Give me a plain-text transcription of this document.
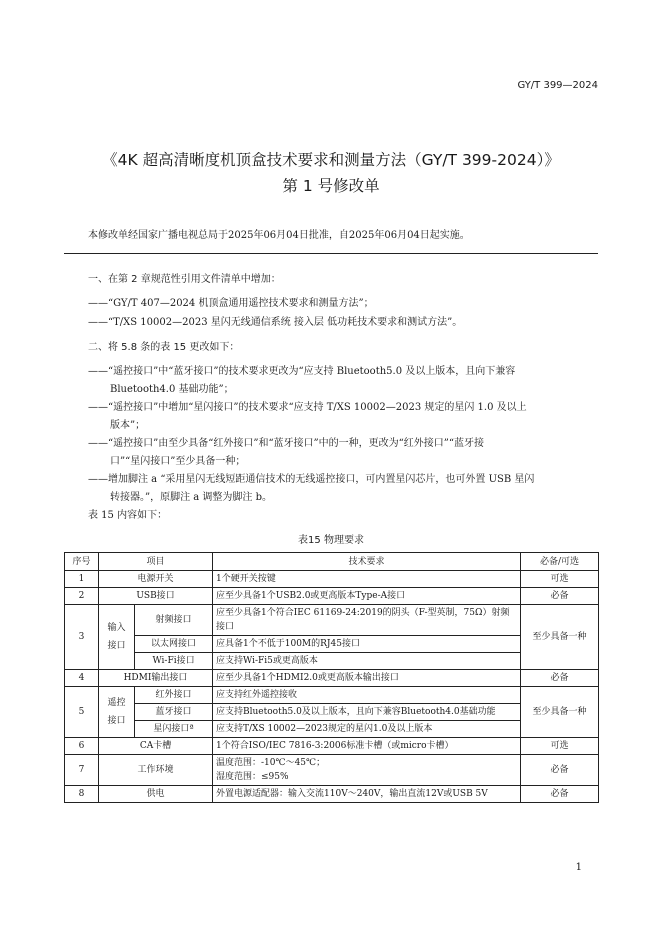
GY/T 399—2024
《4K 超高清晰度机顶盒技术要求和测量方法（GY/T 399-2024）》
第 1 号修改单
本修改单经国家广播电视总局于2025年06月04日批准，自2025年06月04日起实施。
一、在第 2 章规范性引用文件清单中增加：
——“GY/T 407—2024 机顶盒通用遥控技术要求和测量方法”；
——“T/XS 10002—2023 星闪无线通信系统 接入层 低功耗技术要求和测试方法”。
二、将 5.8 条的表 15 更改如下：
——“遥控接口”中“蓝牙接口”的技术要求更改为“应支持 Bluetooth5.0 及以上版本，且向下兼容
Bluetooth4.0 基础功能”；
——“遥控接口”中增加“星闪接口”的技术要求“应支持 T/XS 10002—2023 规定的星闪 1.0 及以上
版本”；
——“遥控接口”由至少具备“红外接口”和“蓝牙接口”中的一种，更改为“红外接口”“蓝牙接
口”“星闪接口”至少具备一种；
——增加脚注 a “采用星闪无线短距通信技术的无线遥控接口，可内置星闪芯片，也可外置 USB 星闪
转接器。”，原脚注 a 调整为脚注 b。
表 15 内容如下：
表15 物理要求
序号	项目		技术要求	必备/可选
1	电源开关		1个硬开关按键	可选
2	USB接口		应至少具备1个USB2.0或更高版本Type-A接口	必备
3	输入接口	射频接口	应至少具备1个符合IEC 61169-24:2019的阴头（F-型英制，75Ω）射频接口	至少具备一种
		以太网接口	应具备1个不低于100M的RJ45接口	
		Wi-Fi接口	应支持Wi-Fi5或更高版本	
4	HDMI输出接口		应至少具备1个HDMI2.0或更高版本输出接口	必备
5	遥控接口	红外接口	应支持红外遥控接收	至少具备一种
		蓝牙接口	应支持Bluetooth5.0及以上版本，且向下兼容Bluetooth4.0基础功能	
		星闪接口ª	应支持T/XS 10002—2023规定的星闪1.0及以上版本	
6	CA卡槽		1个符合ISO/IEC 7816-3:2006标准卡槽（或micro卡槽）	可选
7	工作环境		温度范围：-10℃～45℃；
湿度范围：≤95%	必备
8	供电		外置电源适配器：输入交流110V～240V，输出直流12V或USB 5V	必备
1
